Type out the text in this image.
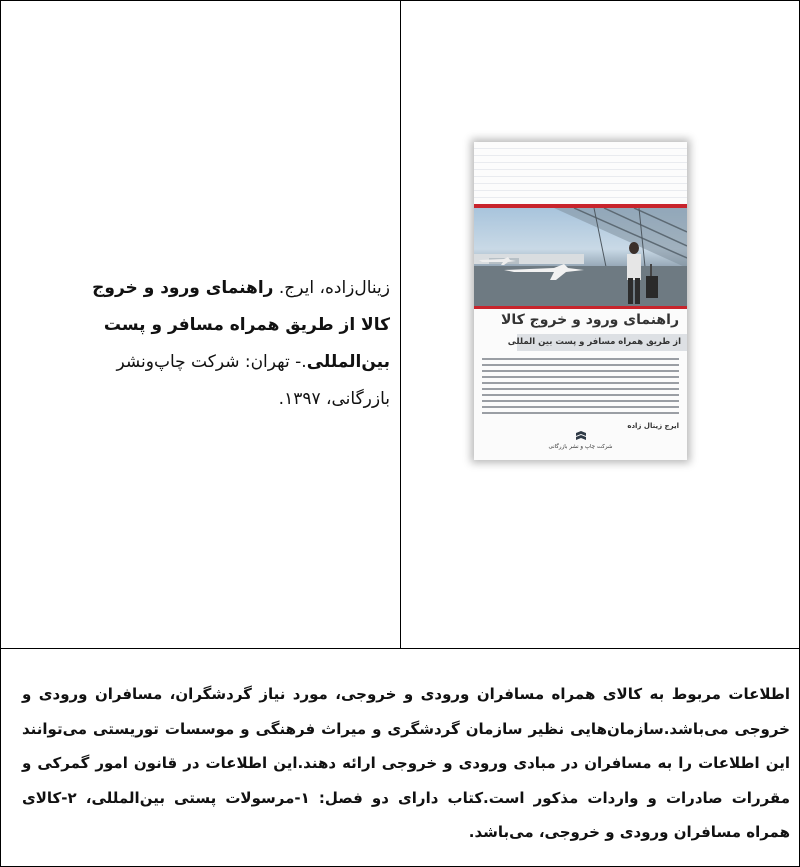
زینال‌زاده، ایرج. راهنمای ورود و خروج کالا از طریق همراه مسافر و پست بین‌المللی.- تهران: شرکت چاپ‌ونشر بازرگانی، ۱۳۹۷.
راهنمای ورود و خروج کالا
از طریق همراه مسافر و پست بین المللی
ایرج زینال زاده
شرکت چاپ و نشر بازرگانی
اطلاعات مربوط به کالای همراه مسافران ورودی و خروجی، مورد نیاز گردشگران، مسافران ورودی و خروجی می‌باشد.سازمان‌هایی نظیر سازمان گردشگری و میراث فرهنگی و موسسات توریستی می‌توانند این اطلاعات را به مسافران در مبادی ورودی و خروجی ارائه دهند.این اطلاعات در قانون امور گمرکی و مقررات صادرات و واردات مذکور است.کتاب دارای دو فصل: ۱-مرسولات پستی بین‌المللی، ۲-کالای همراه مسافران ورودی و خروجی، می‌باشد.
